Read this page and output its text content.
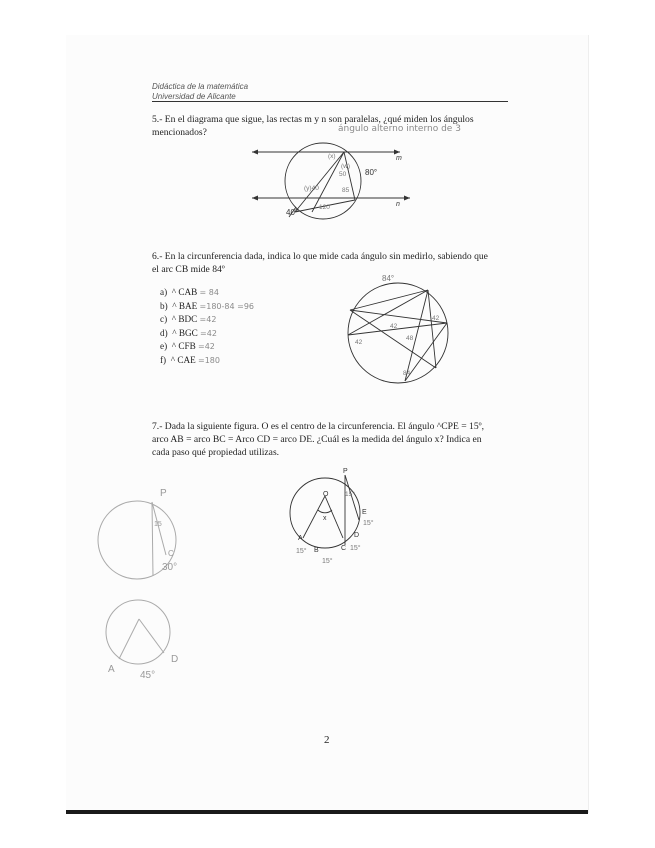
Didáctica de la matemática
Universidad de Alicante
5.- En el diagrama que sigue, las rectas m y n son paralelas, ¿qué miden los ángulos
mencionados?	ángulo alterno interno de 3
6.- En la circunferencia dada, indica lo que mide cada ángulo sin medirlo, sabiendo que
el arc CB mide 84º
a) ^ CAB = 84
b) ^ BAE =180-84 =96
c) ^ BDC =42
d) ^ BGC =42
e) ^ CFB =42
f) ^ CAE =180
7.- Dada la siguiente figura. O es el centro de la circunferencia. El ángulo ^CPE = 15º,
arco AB = arco BC = Arco CD = arco DE. ¿Cuál es la medida del ángulo x? Indica en
cada paso qué propiedad utilizas.
m
n
80°
40°
(x)
(w)
50
(y)40	85
120
84°
42
42
42
84
48
P
O
x
E
D
A
B	C
15°
15°
15°
15°
15°
P
15
C
30°
A
D
45°
2
